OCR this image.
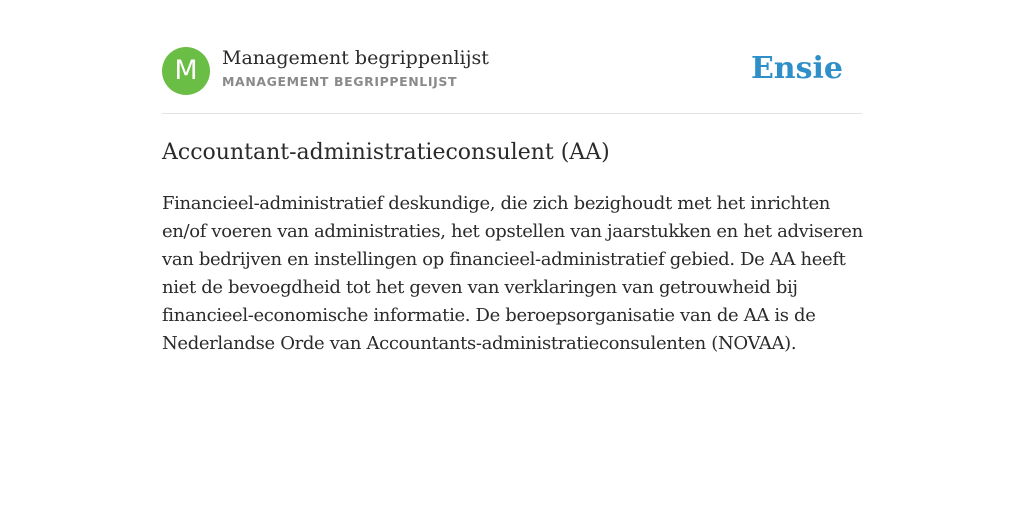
M	Management begrippenlijst
MANAGEMENT BEGRIPPENLIJST	Ensie
Accountant-administratieconsulent (AA)
Financieel-administratief deskundige, die zich bezighoudt met het inrichten
en/of voeren van administraties, het opstellen van jaarstukken en het adviseren
van bedrijven en instellingen op financieel-administratief gebied. De AA heeft
niet de bevoegdheid tot het geven van verklaringen van getrouwheid bij
financieel-economische informatie. De beroepsorganisatie van de AA is de
Nederlandse Orde van Accountants-administratieconsulenten (NOVAA).
